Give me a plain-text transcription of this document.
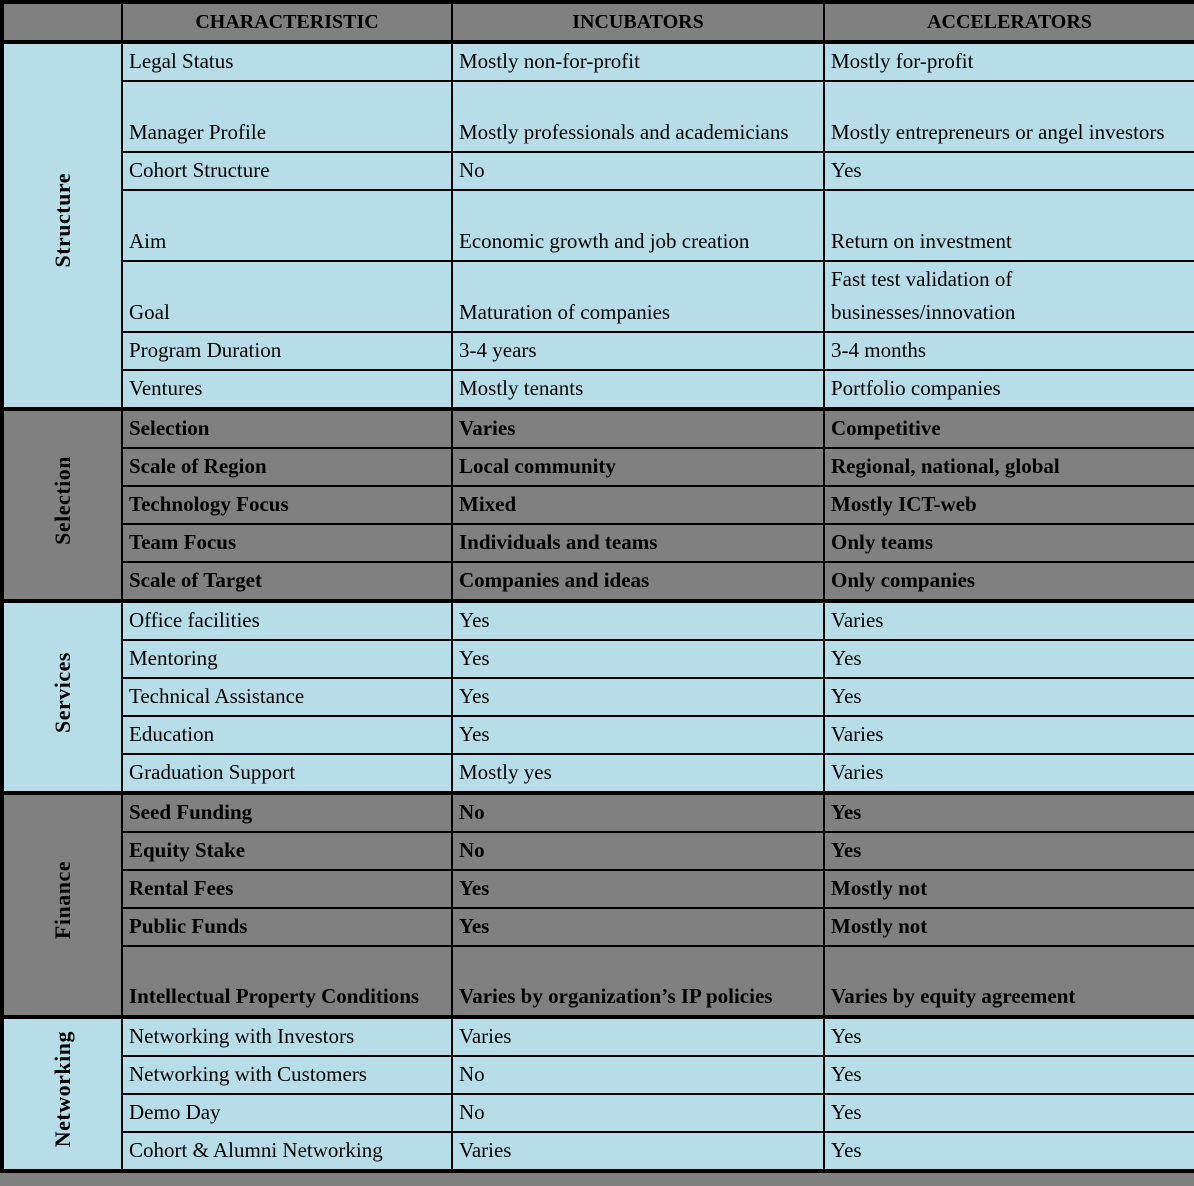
	CHARACTERISTIC	INCUBATORS	ACCELERATORS
Structure	Legal Status	Mostly non-for-profit	Mostly for-profit
	Manager Profile	Mostly professionals and academicians	Mostly entrepreneurs or angel investors
	Cohort Structure	No	Yes
	Aim	Economic growth and job creation	Return on investment
	Goal	Maturation of companies	Fast test validation of businesses/innovation
	Program Duration	3-4 years	3-4 months
	Ventures	Mostly tenants	Portfolio companies
Selection	Selection	Varies	Competitive
	Scale of Region	Local community	Regional, national, global
	Technology Focus	Mixed	Mostly ICT-web
	Team Focus	Individuals and teams	Only teams
	Scale of Target	Companies and ideas	Only companies
Services	Office facilities	Yes	Varies
	Mentoring	Yes	Yes
	Technical Assistance	Yes	Yes
	Education	Yes	Varies
	Graduation Support	Mostly yes	Varies
Finance	Seed Funding	No	Yes
	Equity Stake	No	Yes
	Rental Fees	Yes	Mostly not
	Public Funds	Yes	Mostly not
	Intellectual Property Conditions	Varies by organization’s IP policies	Varies by equity agreement
Networking	Networking with Investors	Varies	Yes
	Networking with Customers	No	Yes
	Demo Day	No	Yes
	Cohort & Alumni Networking	Varies	Yes
